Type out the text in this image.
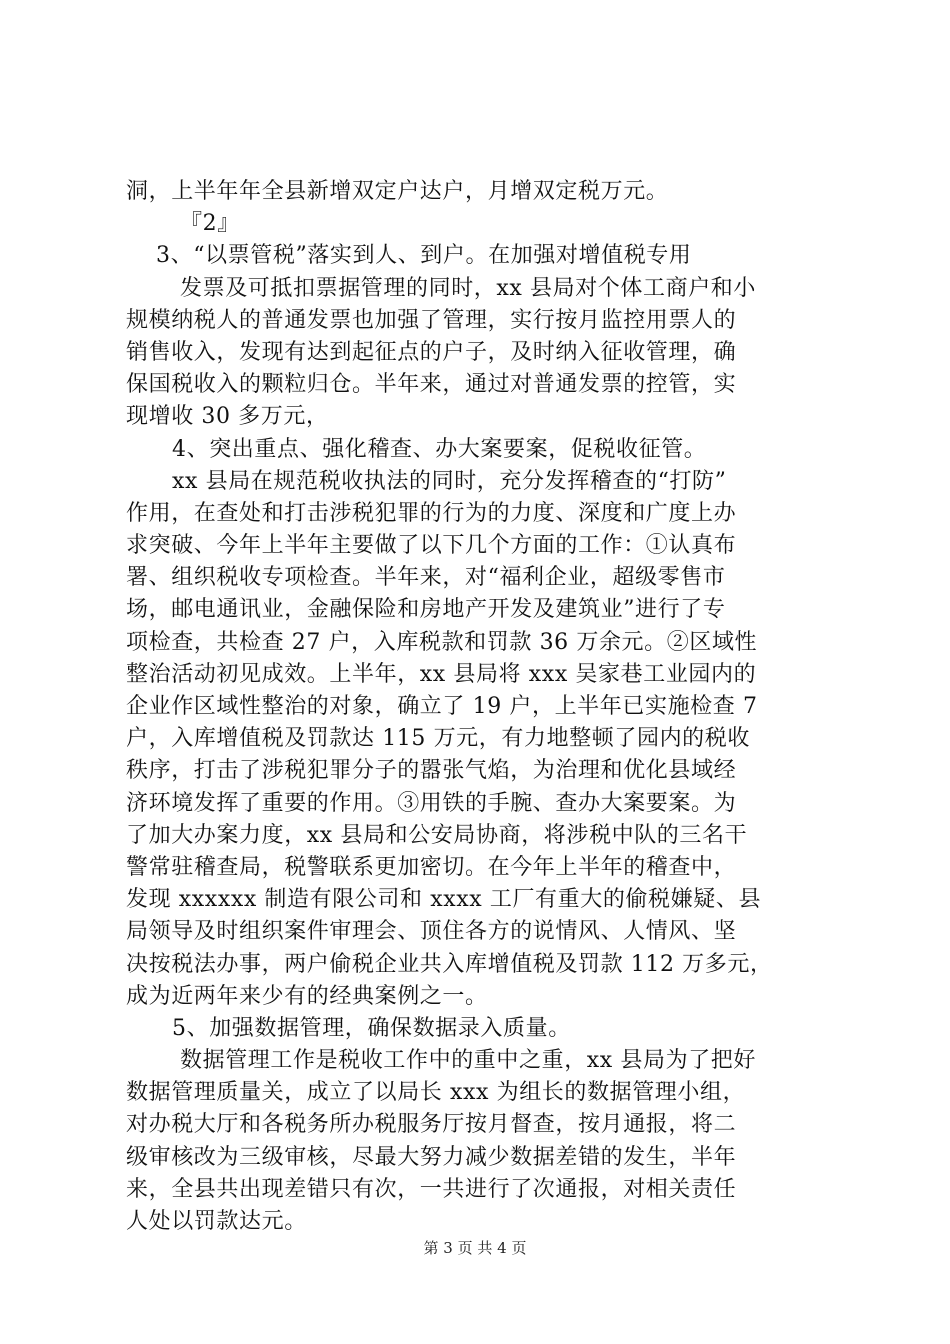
洞，上半年年全县新增双定户达户，月增双定税万元。
『2』
3、“以票管税”落实到人、到户。在加强对增值税专用
发票及可抵扣票据管理的同时，xx 县局对个体工商户和小
规模纳税人的普通发票也加强了管理，实行按月监控用票人的
销售收入，发现有达到起征点的户子，及时纳入征收管理，确
保国税收入的颗粒归仓。半年来，通过对普通发票的控管，实
现增收 30 多万元，
4、突出重点、强化稽查、办大案要案，促税收征管。
xx 县局在规范税收执法的同时，充分发挥稽查的“打防”
作用，在查处和打击涉税犯罪的行为的力度、深度和广度上办
求突破、今年上半年主要做了以下几个方面的工作：①认真布
署、组织税收专项检查。半年来，对“福利企业，超级零售市
场，邮电通讯业，金融保险和房地产开发及建筑业”进行了专
项检查，共检查 27 户，入库税款和罚款 36 万余元。②区域性
整治活动初见成效。上半年，xx 县局将 xxx 吴家巷工业园内的
企业作区域性整治的对象，确立了 19 户，上半年已实施检查 7
户，入库增值税及罚款达 115 万元，有力地整顿了园内的税收
秩序，打击了涉税犯罪分子的嚣张气焰，为治理和优化县域经
济环境发挥了重要的作用。③用铁的手腕、查办大案要案。为
了加大办案力度，xx 县局和公安局协商，将涉税中队的三名干
警常驻稽查局，税警联系更加密切。在今年上半年的稽查中，
发现 xxxxxx 制造有限公司和 xxxx 工厂有重大的偷税嫌疑、县
局领导及时组织案件审理会、顶住各方的说情风、人情风、坚
决按税法办事，两户偷税企业共入库增值税及罚款 112 万多元，
成为近两年来少有的经典案例之一。
5、加强数据管理，确保数据录入质量。
数据管理工作是税收工作中的重中之重，xx 县局为了把好
数据管理质量关，成立了以局长 xxx 为组长的数据管理小组，
对办税大厅和各税务所办税服务厅按月督查，按月通报，将二
级审核改为三级审核，尽最大努力减少数据差错的发生，半年
来，全县共出现差错只有次，一共进行了次通报，对相关责任
人处以罚款达元。
第 3 页 共 4 页
